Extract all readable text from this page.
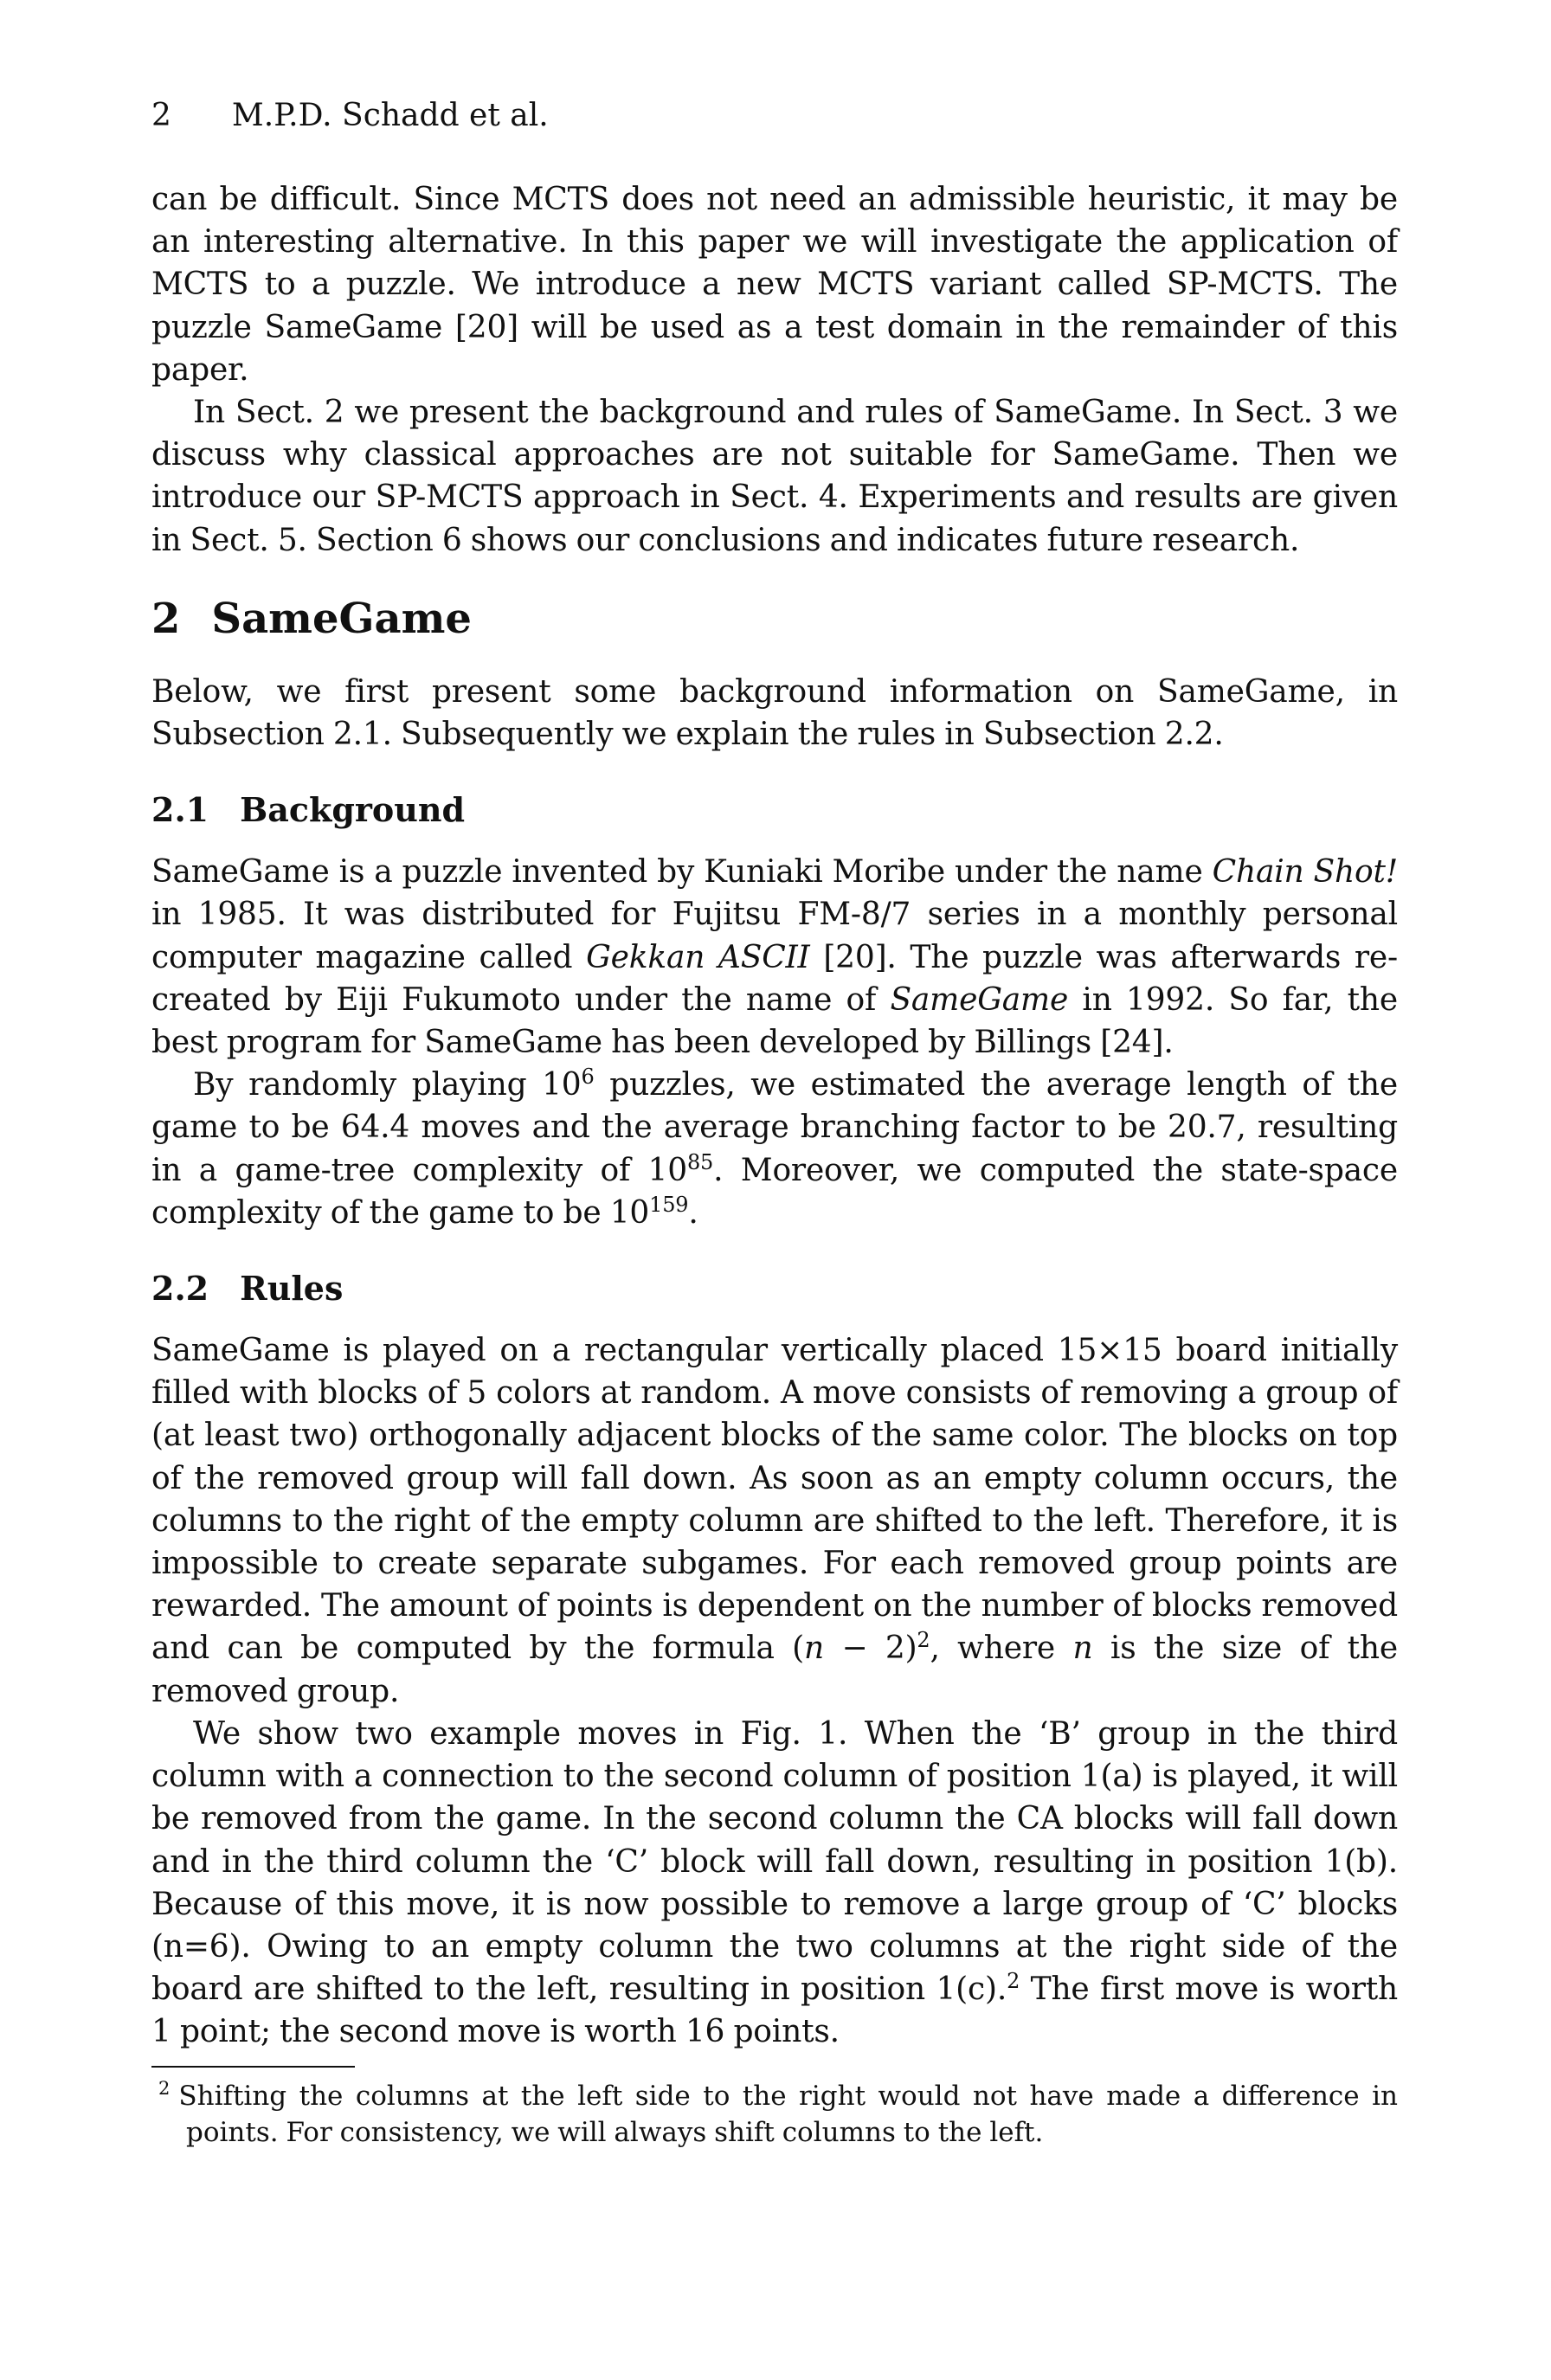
2 M.P.D. Schadd et al.

can be difficult. Since MCTS does not need an admissible heuristic, it may be an interesting alternative. In this paper we will investigate the application of MCTS to a puzzle. We introduce a new MCTS variant called SP-MCTS. The puzzle SameGame [20] will be used as a test domain in the remainder of this paper.

In Sect. 2 we present the background and rules of SameGame. In Sect. 3 we discuss why classical approaches are not suitable for SameGame. Then we introduce our SP-MCTS approach in Sect. 4. Experiments and results are given in Sect. 5. Section 6 shows our conclusions and indicates future research.

2 SameGame

Below, we first present some background information on SameGame, in Subsection 2.1. Subsequently we explain the rules in Subsection 2.2.

2.1 Background

SameGame is a puzzle invented by Kuniaki Moribe under the name Chain Shot! in 1985. It was distributed for Fujitsu FM-8/7 series in a monthly personal computer magazine called Gekkan ASCII [20]. The puzzle was afterwards re-created by Eiji Fukumoto under the name of SameGame in 1992. So far, the best program for SameGame has been developed by Billings [24].

By randomly playing $10^6$ puzzles, we estimated the average length of the game to be 64.4 moves and the average branching factor to be 20.7, resulting in a game-tree complexity of $10^{85}$. Moreover, we computed the state-space complexity of the game to be $10^{159}$.

2.2 Rules

SameGame is played on a rectangular vertically placed 15×15 board initially filled with blocks of 5 colors at random. A move consists of removing a group of (at least two) orthogonally adjacent blocks of the same color. The blocks on top of the removed group will fall down. As soon as an empty column occurs, the columns to the right of the empty column are shifted to the left. Therefore, it is impossible to create separate subgames. For each removed group points are rewarded. The amount of points is dependent on the number of blocks removed and can be computed by the formula $(n - 2)^2$, where n is the size of the removed group.

We show two example moves in Fig. 1. When the ‘B’ group in the third column with a connection to the second column of position 1(a) is played, it will be removed from the game. In the second column the CA blocks will fall down and in the third column the ‘C’ block will fall down, resulting in position 1(b). Because of this move, it is now possible to remove a large group of ‘C’ blocks (n=6). Owing to an empty column the two columns at the right side of the board are shifted to the left, resulting in position 1(c).$^2$ The first move is worth 1 point; the second move is worth 16 points.

$^2$ Shifting the columns at the left side to the right would not have made a difference in points. For consistency, we will always shift columns to the left.
